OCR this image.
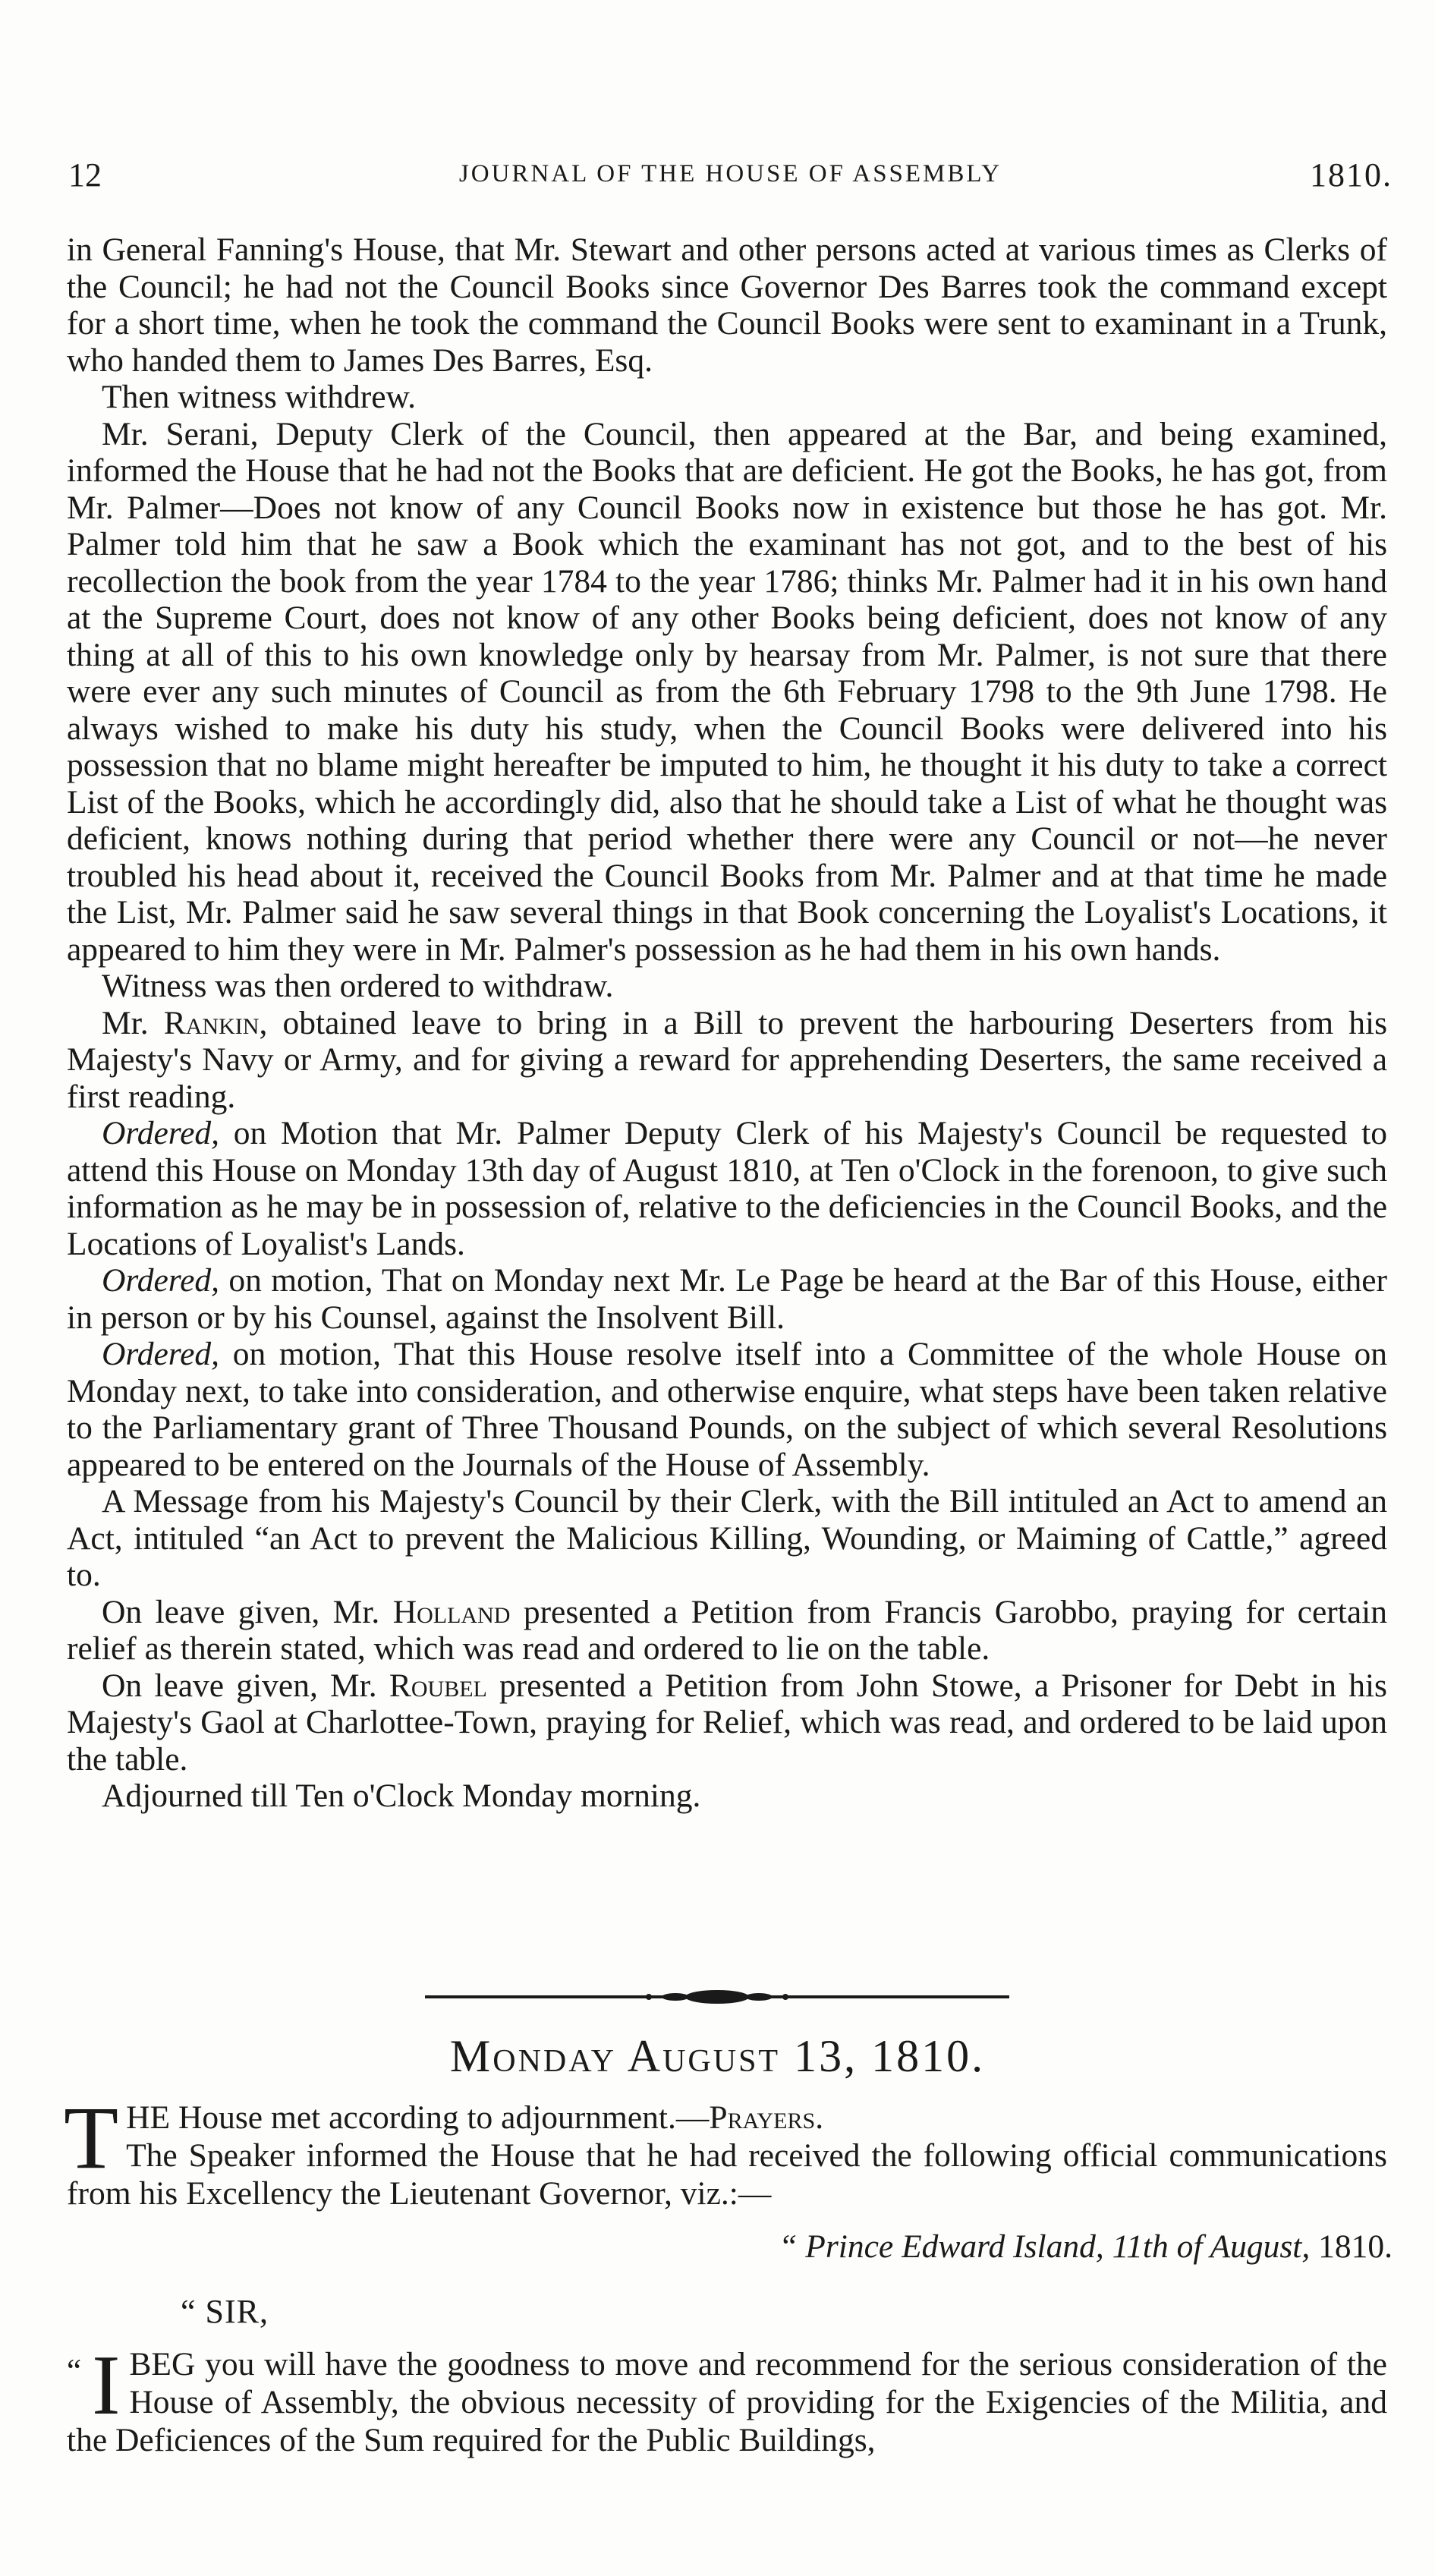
12	JOURNAL OF THE HOUSE OF ASSEMBLY	1810.

in General Fanning's House, that Mr. Stewart and other persons acted at various times as Clerks of the Council; he had not the Council Books since Governor Des Barres took the command except for a short time, when he took the command the Council Books were sent to examinant in a Trunk, who handed them to James Des Barres, Esq.

Then witness withdrew.

Mr. Serani, Deputy Clerk of the Council, then appeared at the Bar, and being examined, informed the House that he had not the Books that are deficient. He got the Books, he has got, from Mr. Palmer—Does not know of any Council Books now in existence but those he has got. Mr. Palmer told him that he saw a Book which the examinant has not got, and to the best of his recollection the book from the year 1784 to the year 1786; thinks Mr. Palmer had it in his own hand at the Supreme Court, does not know of any other Books being deficient, does not know of any thing at all of this to his own knowledge only by hearsay from Mr. Palmer, is not sure that there were ever any such minutes of Council as from the 6th February 1798 to the 9th June 1798. He always wished to make his duty his study, when the Council Books were delivered into his possession that no blame might hereafter be imputed to him, he thought it his duty to take a correct List of the Books, which he accordingly did, also that he should take a List of what he thought was deficient, knows nothing during that period whether there were any Council or not—he never troubled his head about it, received the Council Books from Mr. Palmer and at that time he made the List, Mr. Palmer said he saw several things in that Book concerning the Loyalist's Locations, it appeared to him they were in Mr. Palmer's possession as he had them in his own hands.

Witness was then ordered to withdraw.

Mr. Rankin, obtained leave to bring in a Bill to prevent the harbouring Deserters from his Majesty's Navy or Army, and for giving a reward for apprehending Deserters, the same received a first reading.

Ordered, on Motion that Mr. Palmer Deputy Clerk of his Majesty's Council be requested to attend this House on Monday 13th day of August 1810, at Ten o'Clock in the forenoon, to give such information as he may be in possession of, relative to the deficiencies in the Council Books, and the Locations of Loyalist's Lands.

Ordered, on motion, That on Monday next Mr. Le Page be heard at the Bar of this House, either in person or by his Counsel, against the Insolvent Bill.

Ordered, on motion, That this House resolve itself into a Committee of the whole House on Monday next, to take into consideration, and otherwise enquire, what steps have been taken relative to the Parliamentary grant of Three Thousand Pounds, on the subject of which several Resolutions appeared to be entered on the Journals of the House of Assembly.

A Message from his Majesty's Council by their Clerk, with the Bill intituled an Act to amend an Act, intituled “an Act to prevent the Malicious Killing, Wounding, or Maiming of Cattle,” agreed to.

On leave given, Mr. Holland presented a Petition from Francis Garobbo, praying for certain relief as therein stated, which was read and ordered to lie on the table.

On leave given, Mr. Roubel presented a Petition from John Stowe, a Prisoner for Debt in his Majesty's Gaol at Charlottee-Town, praying for Relief, which was read, and ordered to be laid upon the table.

Adjourned till Ten o'Clock Monday morning.

Monday August 13, 1810.

THE House met according to adjournment.—Prayers.
The Speaker informed the House that he had received the following official communications from his Excellency the Lieutenant Governor, viz.:—

“ Prince Edward Island, 11th of August, 1810.
“ SIR,

“ I BEG you will have the goodness to move and recommend for the serious consideration of the House of Assembly, the obvious necessity of providing for the Exigencies of the Militia, and the Deficiences of the Sum required for the Public Buildings,
